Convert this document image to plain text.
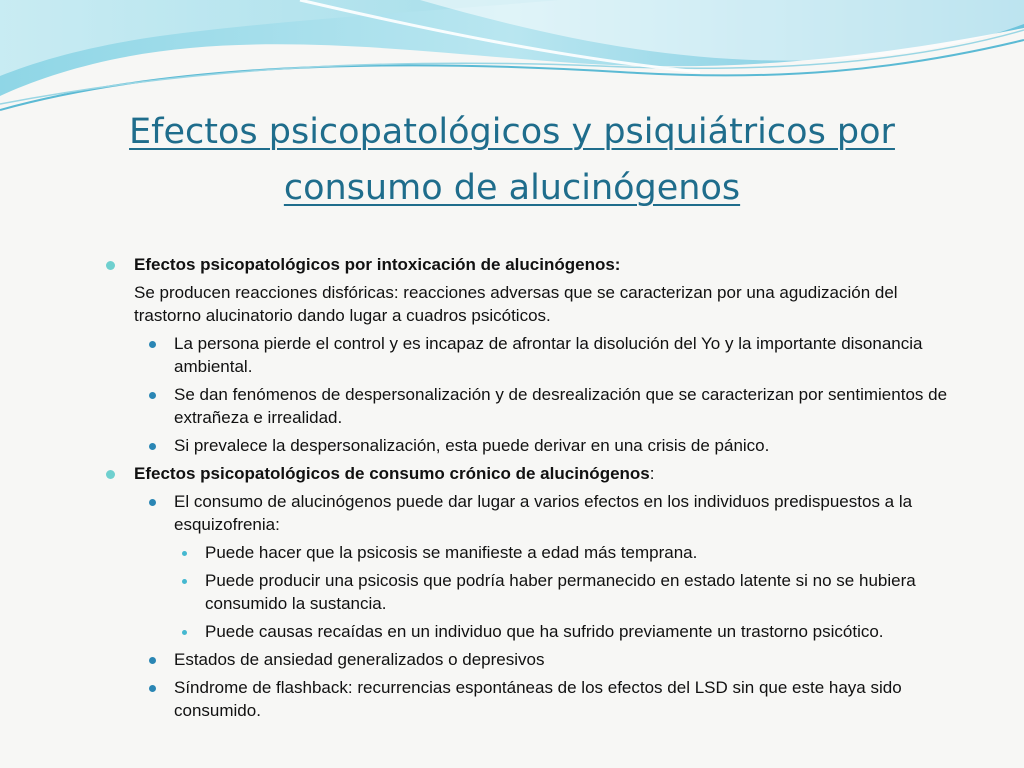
Efectos psicopatológicos y psiquiátricos por
consumo de alucinógenos
Efectos psicopatológicos por intoxicación de alucinógenos:
Se producen reacciones disfóricas: reacciones adversas que se caracterizan por una agudización del trastorno alucinatorio dando lugar a cuadros psicóticos.
La persona pierde el control y es incapaz de afrontar la disolución del Yo y la importante disonancia ambiental.
Se dan fenómenos de despersonalización y de desrealización que se caracterizan por sentimientos de extrañeza e irrealidad.
Si prevalece la despersonalización, esta puede derivar en una crisis de pánico.
Efectos psicopatológicos de consumo crónico de alucinógenos:
El consumo de alucinógenos puede dar lugar a varios efectos en los individuos predispuestos a la esquizofrenia:
Puede hacer que la psicosis se manifieste a edad más temprana.
Puede producir una psicosis que podría haber permanecido en estado latente si no se hubiera consumido la sustancia.
Puede causas recaídas en un individuo que ha sufrido previamente un trastorno psicótico.
Estados de ansiedad generalizados o depresivos
Síndrome de flashback: recurrencias espontáneas de los efectos del LSD sin que este haya sido consumido.
